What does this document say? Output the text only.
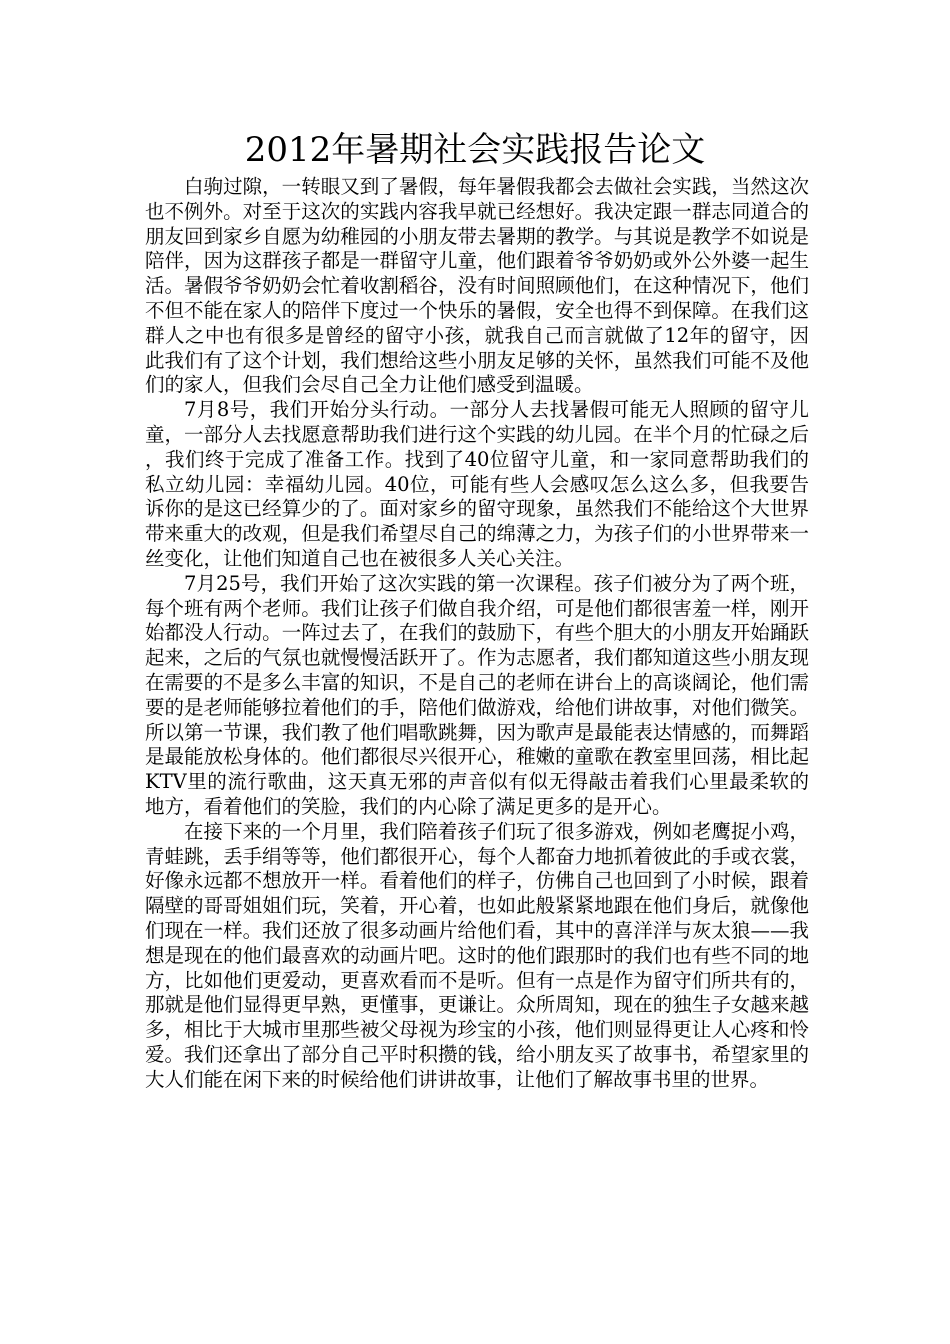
2012年暑期社会实践报告论文

白驹过隙，一转眼又到了暑假，每年暑假我都会去做社会实践，当然这次也不例外。对至于这次的实践内容我早就已经想好。我决定跟一群志同道合的朋友回到家乡自愿为幼稚园的小朋友带去暑期的教学。与其说是教学不如说是陪伴，因为这群孩子都是一群留守儿童，他们跟着爷爷奶奶或外公外婆一起生活。暑假爷爷奶奶会忙着收割稻谷，没有时间照顾他们，在这种情况下，他们不但不能在家人的陪伴下度过一个快乐的暑假，安全也得不到保障。在我们这群人之中也有很多是曾经的留守小孩，就我自己而言就做了12年的留守，因此我们有了这个计划，我们想给这些小朋友足够的关怀，虽然我们可能不及他们的家人，但我们会尽自己全力让他们感受到温暖。

7月8号，我们开始分头行动。一部分人去找暑假可能无人照顾的留守儿童，一部分人去找愿意帮助我们进行这个实践的幼儿园。在半个月的忙碌之后，我们终于完成了准备工作。找到了40位留守儿童，和一家同意帮助我们的私立幼儿园：幸福幼儿园。40位，可能有些人会感叹怎么这么多，但我要告诉你的是这已经算少的了。面对家乡的留守现象，虽然我们不能给这个大世界带来重大的改观，但是我们希望尽自己的绵薄之力，为孩子们的小世界带来一丝变化，让他们知道自己也在被很多人关心关注。

7月25号，我们开始了这次实践的第一次课程。孩子们被分为了两个班，每个班有两个老师。我们让孩子们做自我介绍，可是他们都很害羞一样，刚开始都没人行动。一阵过去了，在我们的鼓励下，有些个胆大的小朋友开始踊跃起来，之后的气氛也就慢慢活跃开了。作为志愿者，我们都知道这些小朋友现在需要的不是多么丰富的知识，不是自己的老师在讲台上的高谈阔论，他们需要的是老师能够拉着他们的手，陪他们做游戏，给他们讲故事，对他们微笑。所以第一节课，我们教了他们唱歌跳舞，因为歌声是最能表达情感的，而舞蹈是最能放松身体的。他们都很尽兴很开心，稚嫩的童歌在教室里回荡，相比起KTV里的流行歌曲，这天真无邪的声音似有似无得敲击着我们心里最柔软的地方，看着他们的笑脸，我们的内心除了满足更多的是开心。

在接下来的一个月里，我们陪着孩子们玩了很多游戏，例如老鹰捉小鸡，青蛙跳，丢手绢等等，他们都很开心，每个人都奋力地抓着彼此的手或衣裳，好像永远都不想放开一样。看着他们的样子，仿佛自己也回到了小时候，跟着隔壁的哥哥姐姐们玩，笑着，开心着，也如此般紧紧地跟在他们身后，就像他们现在一样。我们还放了很多动画片给他们看，其中的喜洋洋与灰太狼——我想是现在的他们最喜欢的动画片吧。这时的他们跟那时的我们也有些不同的地方，比如他们更爱动，更喜欢看而不是听。但有一点是作为留守们所共有的，那就是他们显得更早熟，更懂事，更谦让。众所周知，现在的独生子女越来越多，相比于大城市里那些被父母视为珍宝的小孩，他们则显得更让人心疼和怜爱。我们还拿出了部分自己平时积攒的钱，给小朋友买了故事书，希望家里的大人们能在闲下来的时候给他们讲讲故事，让他们了解故事书里的世界。
